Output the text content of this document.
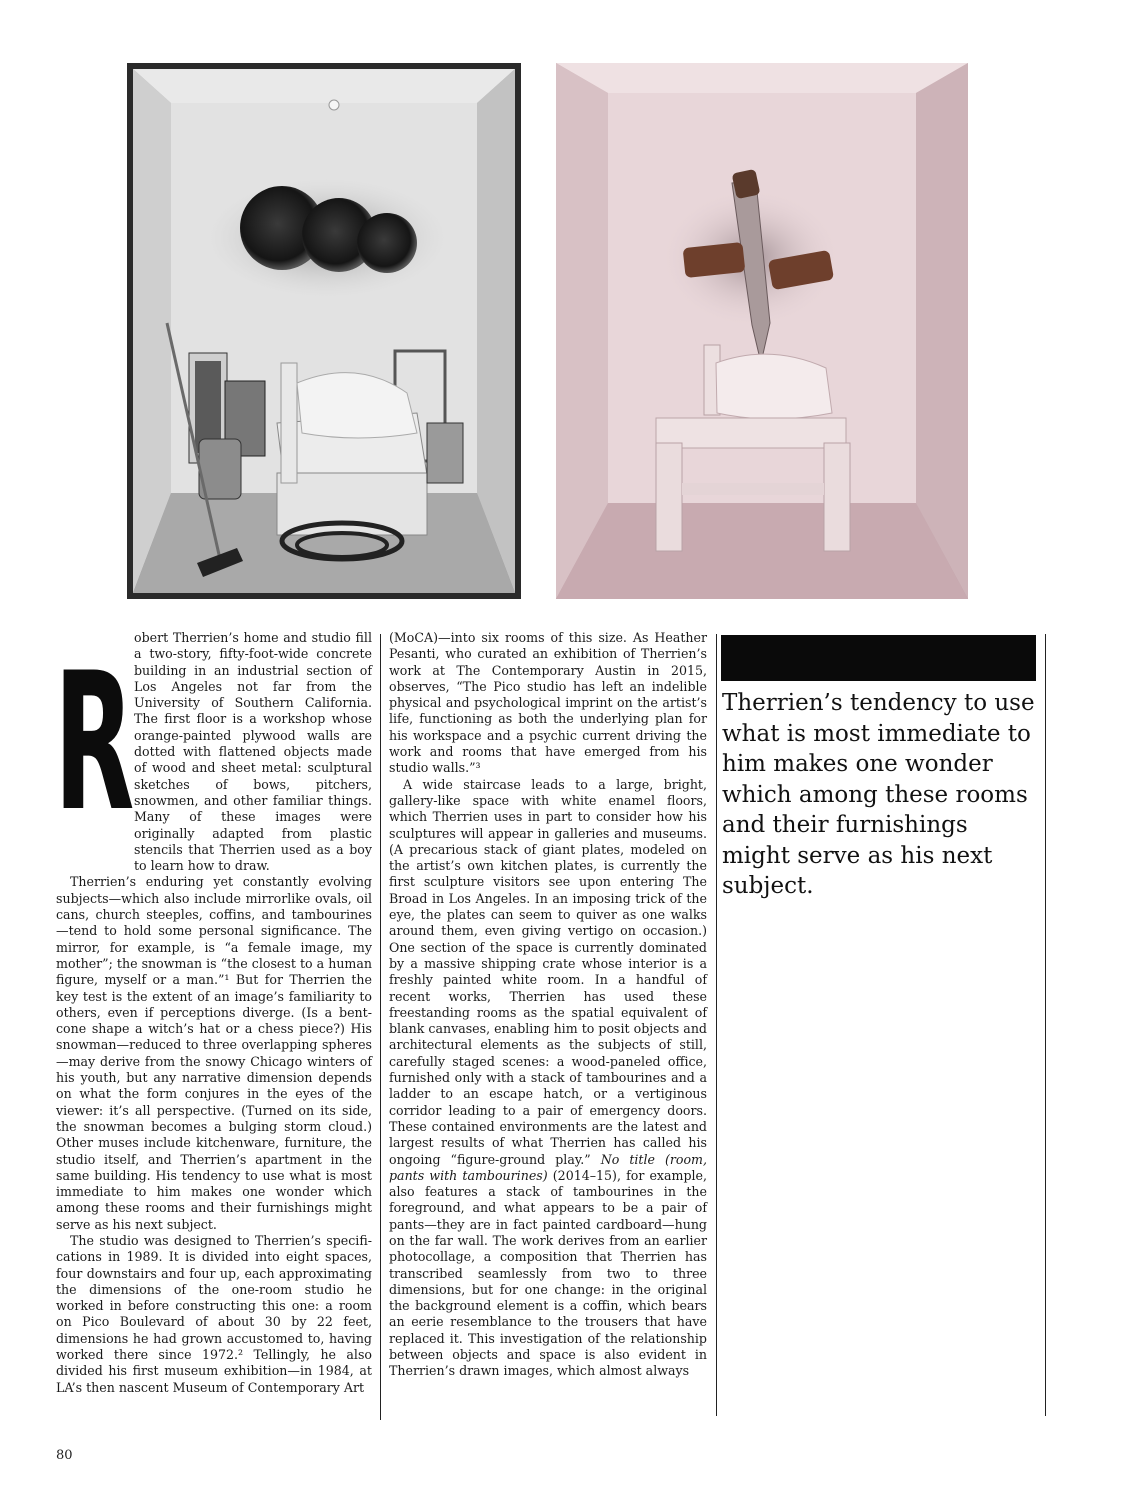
Robert Therrien’s home and studio fill a two-story, fifty-foot-wide concrete building in an industrial section of Los Angeles not far from the University of Southern California. The first floor is a workshop whose orange-painted plywood walls are dotted with flattened objects made of wood and sheet metal: sculptural sketches of bows, pitchers, snowmen, and other familiar things. Many of these images were originally adapted from plastic stencils that Therrien used as a boy to learn how to draw.

Therrien’s enduring yet constantly evolving subjects—which also include mirrorlike ovals, oil cans, church steeples, coffins, and tambourines—tend to hold some personal significance. The mirror, for example, is “a female image, my mother”; the snowman is “the closest to a human figure, myself or a man.”¹ But for Therrien the key test is the extent of an image’s familiarity to others, even if perceptions diverge. (Is a bent-cone shape a witch’s hat or a chess piece?) His snowman—reduced to three overlapping spheres—may derive from the snowy Chicago winters of his youth, but any narrative dimension depends on what the form conjures in the eyes of the viewer: it’s all perspective. (Turned on its side, the snowman becomes a bulging storm cloud.) Other muses include kitchenware, furniture, the studio itself, and Therrien’s apartment in the same building. His tendency to use what is most immediate to him makes one wonder which among these rooms and their furnishings might serve as his next subject.

The studio was designed to Therrien’s specifications in 1989. It is divided into eight spaces, four downstairs and four up, each approximating the dimensions of the one-room studio he worked in before constructing this one: a room on Pico Boulevard of about 30 by 22 feet, dimensions he had grown accustomed to, having worked there since 1972.² Tellingly, he also divided his first museum exhibition—in 1984, at LA’s then nascent Museum of Contemporary Art

(MoCA)—into six rooms of this size. As Heather Pesanti, who curated an exhibition of Therrien’s work at The Contemporary Austin in 2015, observes, “The Pico studio has left an indelible physical and psychological imprint on the artist’s life, functioning as both the underlying plan for his workspace and a psychic current driving the work and rooms that have emerged from his studio walls.”³

A wide staircase leads to a large, bright, gallery-like space with white enamel floors, which Therrien uses in part to consider how his sculptures will appear in galleries and museums. (A precarious stack of giant plates, modeled on the artist’s own kitchen plates, is currently the first sculpture visitors see upon entering The Broad in Los Angeles. In an imposing trick of the eye, the plates can seem to quiver as one walks around them, even giving vertigo on occasion.) One section of the space is currently dominated by a massive shipping crate whose interior is a freshly painted white room. In a handful of recent works, Therrien has used these freestanding rooms as the spatial equivalent of blank canvases, enabling him to posit objects and architectural elements as the subjects of still, carefully staged scenes: a wood-paneled office, furnished only with a stack of tambourines and a ladder to an escape hatch, or a vertiginous corridor leading to a pair of emergency doors. These contained environments are the latest and largest results of what Therrien has called his ongoing “figure-ground play.” No title (room, pants with tambourines) (2014–15), for example, also features a stack of tambourines in the foreground, and what appears to be a pair of pants—they are in fact painted cardboard—hung on the far wall. The work derives from an earlier photocollage, a composition that Therrien has transcribed seamlessly from two to three dimensions, but for one change: in the original the background element is a coffin, which bears an eerie resemblance to the trousers that have replaced it. This investigation of the relationship between objects and space is also evident in Therrien’s drawn images, which almost always

Therrien’s tendency to use what is most immediate to him makes one wonder which among these rooms and their furnishings might serve as his next subject.
80
